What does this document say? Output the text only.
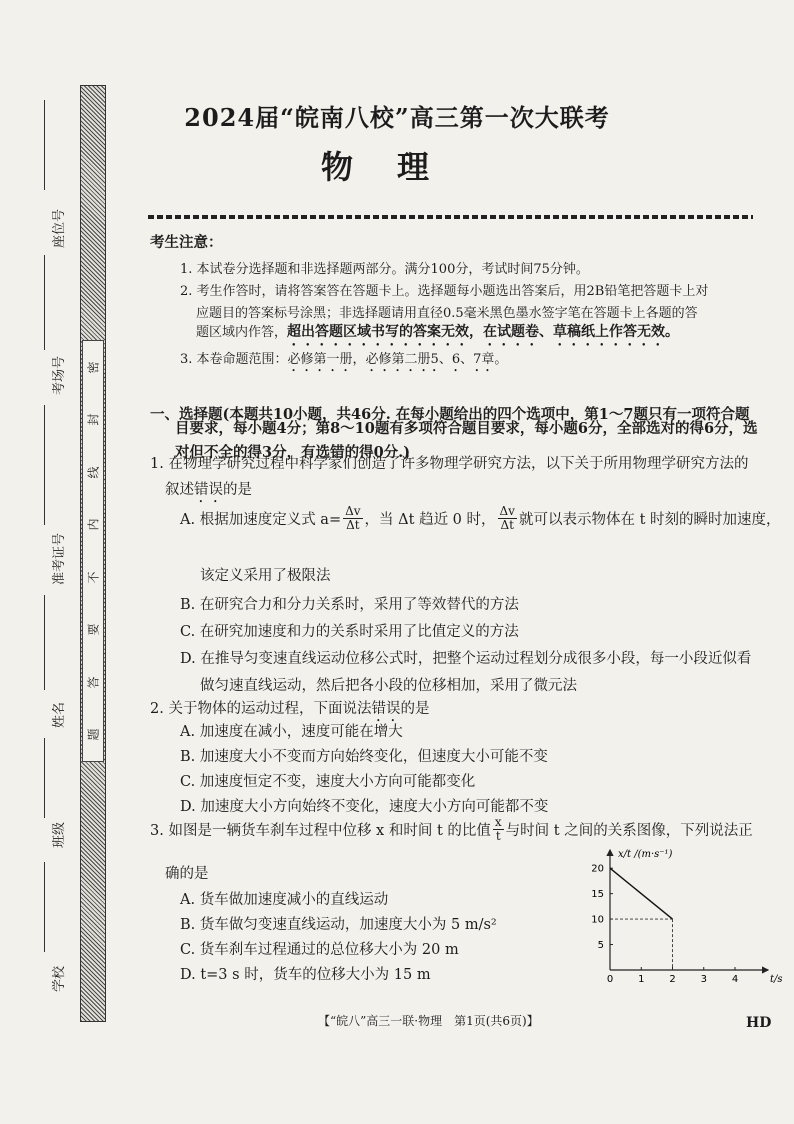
密
封
线
内
不
要
答
题
座位号
考场号
准考证号
姓名
班级
学校
2024届“皖南八校”高三第一次大联考
物理
考生注意：
1. 本试卷分选择题和非选择题两部分。满分100分，考试时间75分钟。
2. 考生作答时，请将答案答在答题卡上。选择题每小题选出答案后，用2B铅笔把答题卡上对
应题目的答案标号涂黑；非选择题请用直径0.5毫米黑色墨水签字笔在答题卡上各题的答
题区域内作答，超出答题区域书写的答案无效，在试题卷、草稿纸上作答无效。
3. 本卷命题范围：必修第一册，必修第二册5、6、7章。
一、选择题(本题共10小题，共46分. 在每小题给出的四个选项中，第1～7题只有一项符合题
目要求，每小题4分；第8～10题有多项符合题目要求，每小题6分，全部选对的得6分，选
对但不全的得3分，有选错的得0分.)
1. 在物理学研究过程中科学家们创造了许多物理学研究方法，以下关于所用物理学研究方法的
叙述错误的是
A. 根据加速度定义式 $a= \frac{\Delta v}{\Delta t}$ ，当 Δt 趋近 0 时， $\frac{\Delta v}{\Delta t}$ 就可以表示物体在 t 时刻的瞬时加速度，
该定义采用了极限法
B. 在研究合力和分力关系时，采用了等效替代的方法
C. 在研究加速度和力的关系时采用了比值定义的方法
D. 在推导匀变速直线运动位移公式时，把整个运动过程划分成很多小段，每一小段近似看
做匀速直线运动，然后把各小段的位移相加，采用了微元法
2. 关于物体的运动过程，下面说法错误的是
A. 加速度在减小，速度可能在增大
B. 加速度大小不变而方向始终变化，但速度大小可能不变
C. 加速度恒定不变，速度大小方向可能都变化
D. 加速度大小方向始终不变化，速度大小方向可能都不变
3. 如图是一辆货车刹车过程中位移 x 和时间 t 的比值 $\frac{x}{t}$ 与时间 t 之间的关系图像，下列说法正
确的是
A. 货车做加速度减小的直线运动
B. 货车做匀变速直线运动，加速度大小为 5 m/s²
C. 货车刹车过程通过的总位移大小为 20 m
D. t=3 s 时，货车的位移大小为 15 m	0 1 2 3 4
5
10
15
20
x/t /(m·s⁻¹)
t/s
【“皖八”高三一联·物理　第1页(共6页)】	HD
